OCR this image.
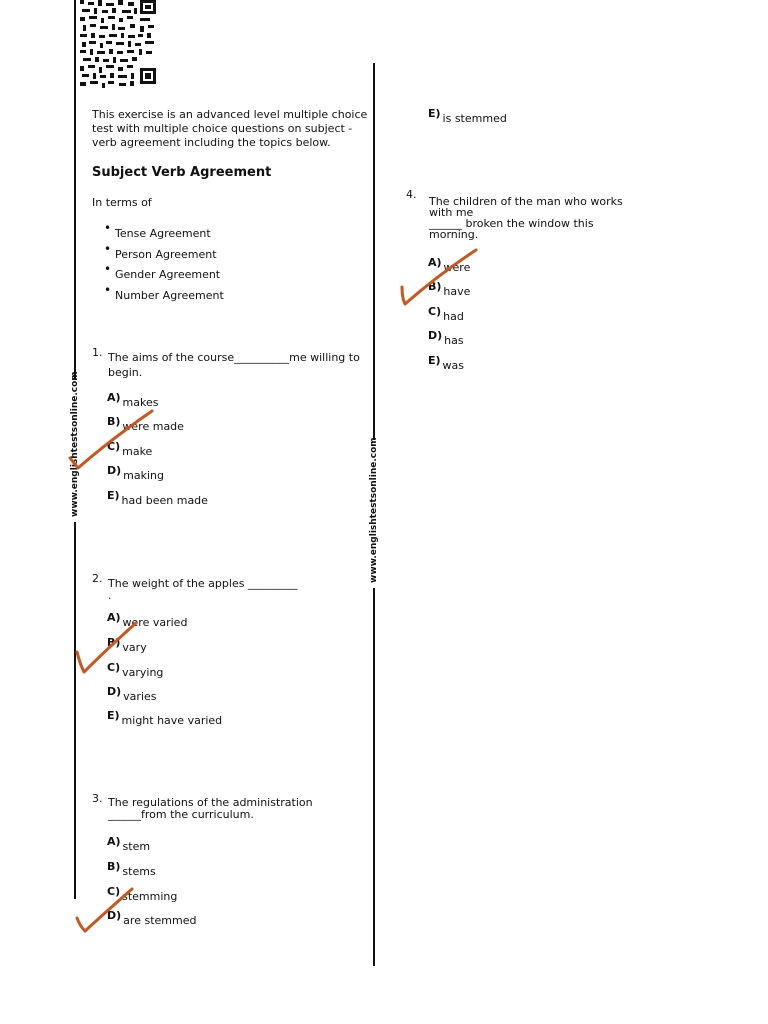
www.englishtestsonline.com	www.englishtestsonline.com
This exercise is an advanced level multiple choice test with multiple choice questions on subject - verb agreement including the topics below.
Subject Verb Agreement
In terms of
• Tense Agreement
• Person Agreement
• Gender Agreement
• Number Agreement
1. The aims of the course__________me willing to
begin.
A) makes
B) were made
C) make
D) making
E) had been made
2. The weight of the apples _________
.
A) were varied
B) vary
C) varying
D) varies
E) might have varied
3. The regulations of the administration
______from the curriculum.
A) stem
B) stems
C) stemming
D) are stemmed
E) is stemmed
4.
The children of the man who works
with me
______ broken the window this
morning.
A) were
B) have
C) had
D) has
E) was
